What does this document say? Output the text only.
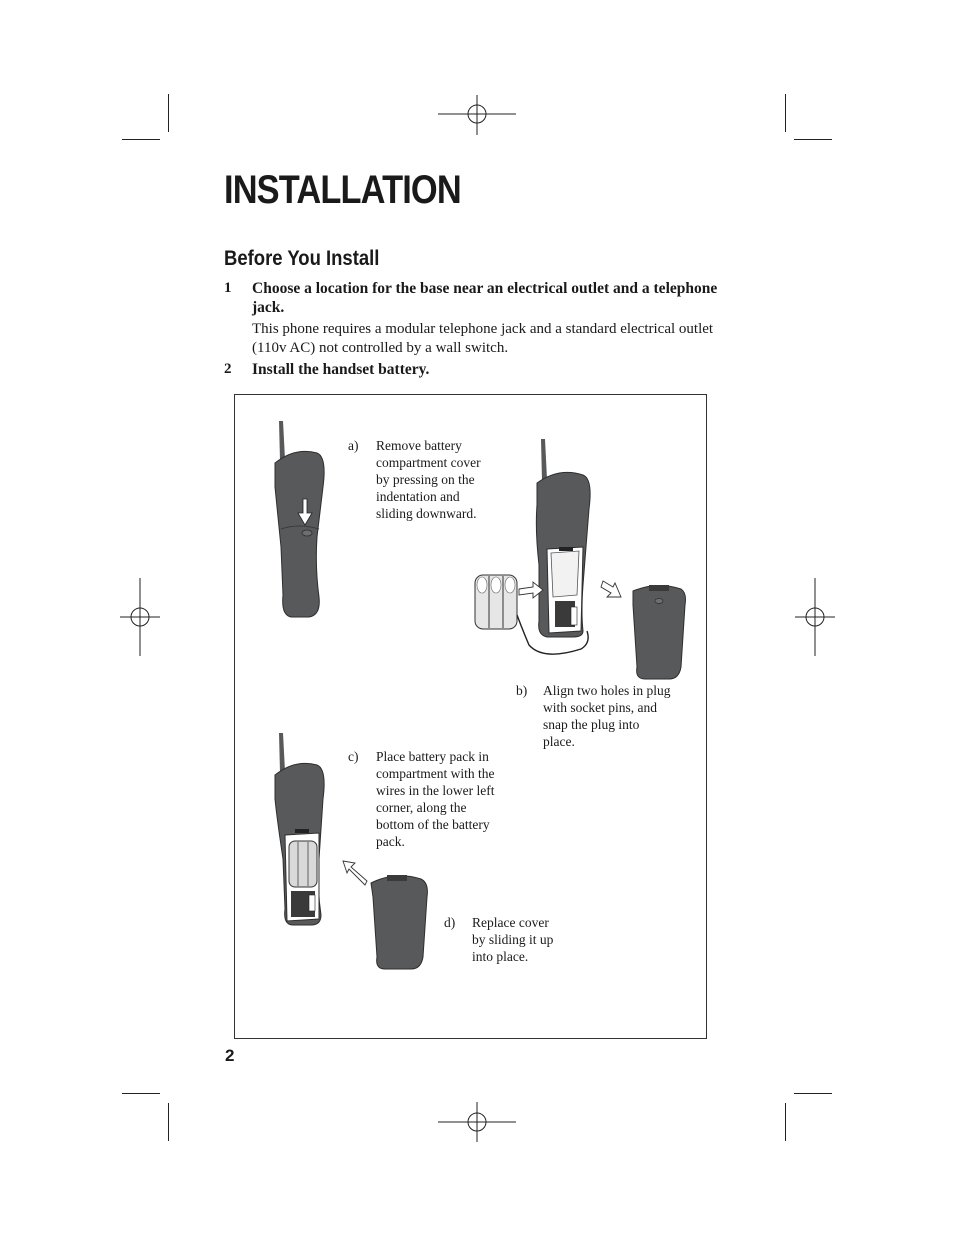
INSTALLATION
Before You Install
1 Choose a location for the base near an electrical outlet and a telephone jack.
This phone requires a modular telephone jack and a standard electrical outlet (110v AC) not controlled by a wall switch.
2 Install the handset battery.
a) Remove battery compartment cover by pressing on the indentation and sliding downward.
b) Align two holes in plug with socket pins, and snap the plug into place.
c) Place battery pack in compartment with the wires in the lower left corner, along the bottom of the battery pack.
d) Replace cover by sliding it up into place.
2
